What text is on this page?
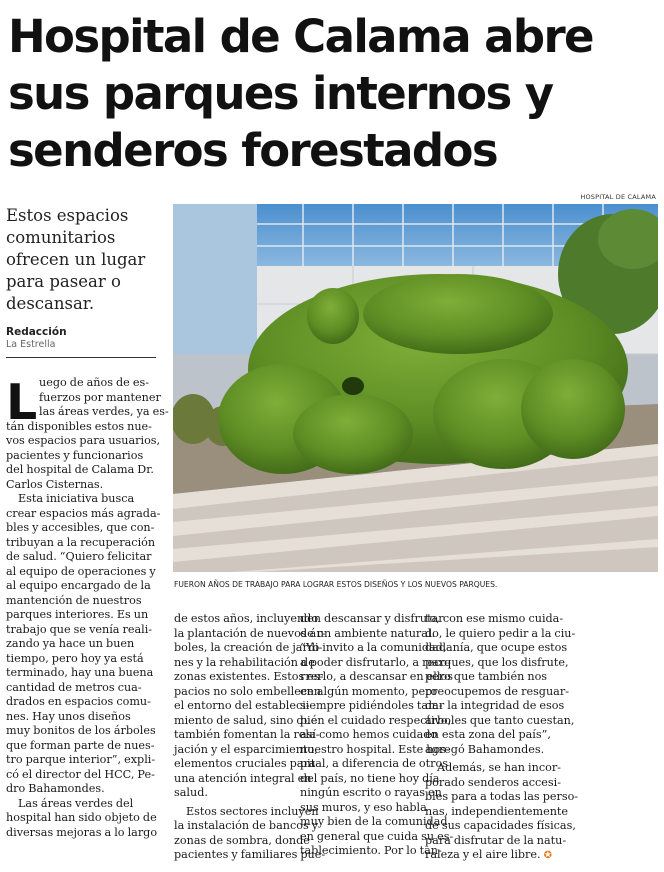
Hospital de Calama abre
sus parques internos y
senderos forestados
Estos espacios
comunitarios
ofrecen un lugar
para pasear o
descansar.
Redacción
La Estrella
HOSPITAL DE CALAMA
FUERON AÑOS DE TRABAJO PARA LOGRAR ESTOS DISEÑOS Y LOS NUEVOS PARQUES.
L uego de años de es-
fuerzos por mantener
las áreas verdes, ya es-
tán disponibles estos nue-
vos espacios para usuarios,
pacientes y funcionarios
del hospital de Calama Dr.
Carlos Cisternas.
Esta iniciativa busca
crear espacios más agrada-
bles y accesibles, que con-
tribuyan a la recuperación
de salud. “Quiero felicitar
al equipo de operaciones y
al equipo encargado de la
mantención de nuestros
parques interiores. Es un
trabajo que se venía reali-
zando ya hace un buen
tiempo, pero hoy ya está
terminado, hay una buena
cantidad de metros cua-
drados en espacios comu-
nes. Hay unos diseños
muy bonitos de los árboles
que forman parte de nues-
tro parque interior”, expli-
có el director del HCC, Pe-
dro Bahamondes.
Las áreas verdes del
hospital han sido objeto de
diversas mejoras a lo largo
de estos años, incluyendo
la plantación de nuevos ár-
boles, la creación de jardi-
nes y la rehabilitación de
zonas existentes. Estos es-
pacios no solo embellecen
el entorno del estableci-
miento de salud, sino que
también fomentan la rela-
jación y el esparcimiento,
elementos cruciales para
una atención integral en
salud.
Estos sectores incluyen
la instalación de bancos y
zonas de sombra, donde
pacientes y familiares pue-
den descansar y disfrutar
de un ambiente natural.
“Yo invito a la comunidad,
a poder disfrutarlo, a reco-
rrerlo, a descansar en ellos
en algún momento, pero
siempre pidiéndoles tam-
bién el cuidado respectivo,
así como hemos cuidado
nuestro hospital. Este hos-
pital, a diferencia de otros
del país, no tiene hoy día
ningún escrito o rayas en
sus muros, y eso habla
muy bien de la comunidad
en general que cuida su es-
tablecimiento. Por lo tan-
to, con ese mismo cuida-
do, le quiero pedir a la ciu-
dadanía, que ocupe estos
parques, que los disfrute,
pero que también nos
preocupemos de resguar-
dar la integridad de esos
árboles que tanto cuestan,
en esta zona del país”,
agregó Bahamondes.
Además, se han incor-
porado senderos accesi-
bles para a todas las perso-
nas, independientemente
de sus capacidades físicas,
para disfrutar de la natu-
raleza y el aire libre. ✪
